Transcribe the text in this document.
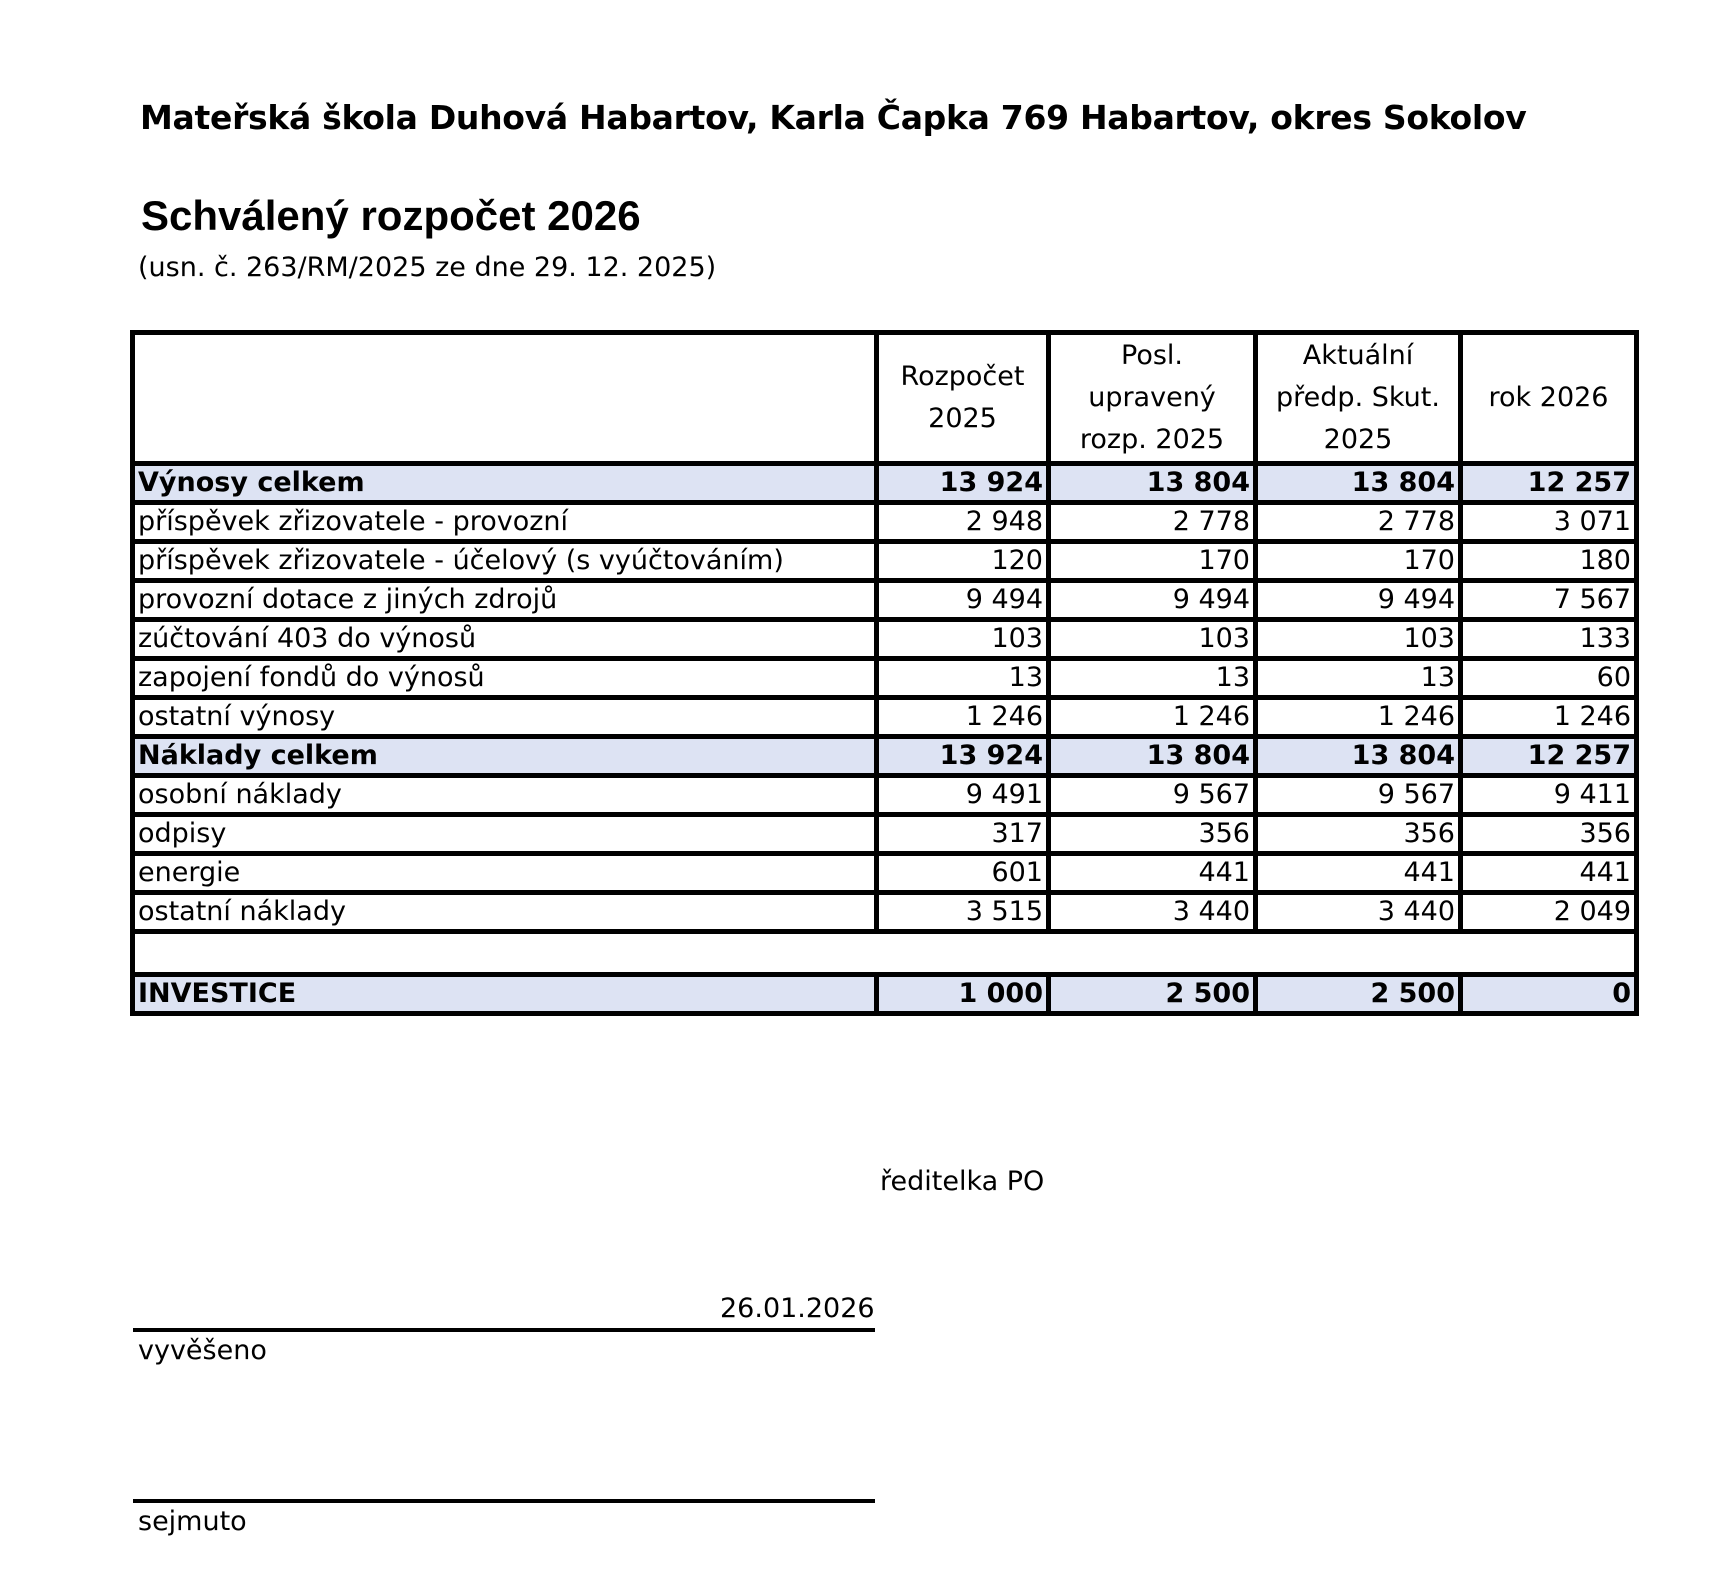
Mateřská škola Duhová Habartov, Karla Čapka 769 Habartov, okres Sokolov
Schválený rozpočet 2026
(usn. č. 263/RM/2025 ze dne 29. 12. 2025)
	Rozpočet 2025	Posl. upravený rozp. 2025	Aktuální předp. Skut. 2025	rok 2026
Výnosy celkem	13 924	13 804	13 804	12 257
příspěvek zřizovatele - provozní	2 948	2 778	2 778	3 071
příspěvek zřizovatele - účelový (s vyúčtováním)	120	170	170	180
provozní dotace z jiných zdrojů	9 494	9 494	9 494	7 567
zúčtování 403 do výnosů	103	103	103	133
zapojení fondů do výnosů	13	13	13	60
ostatní výnosy	1 246	1 246	1 246	1 246
Náklady celkem	13 924	13 804	13 804	12 257
osobní náklady	9 491	9 567	9 567	9 411
odpisy	317	356	356	356
energie	601	441	441	441
ostatní náklady	3 515	3 440	3 440	2 049

INVESTICE	1 000	2 500	2 500	0
ředitelka PO
26.01.2026
vyvěšeno
sejmuto
